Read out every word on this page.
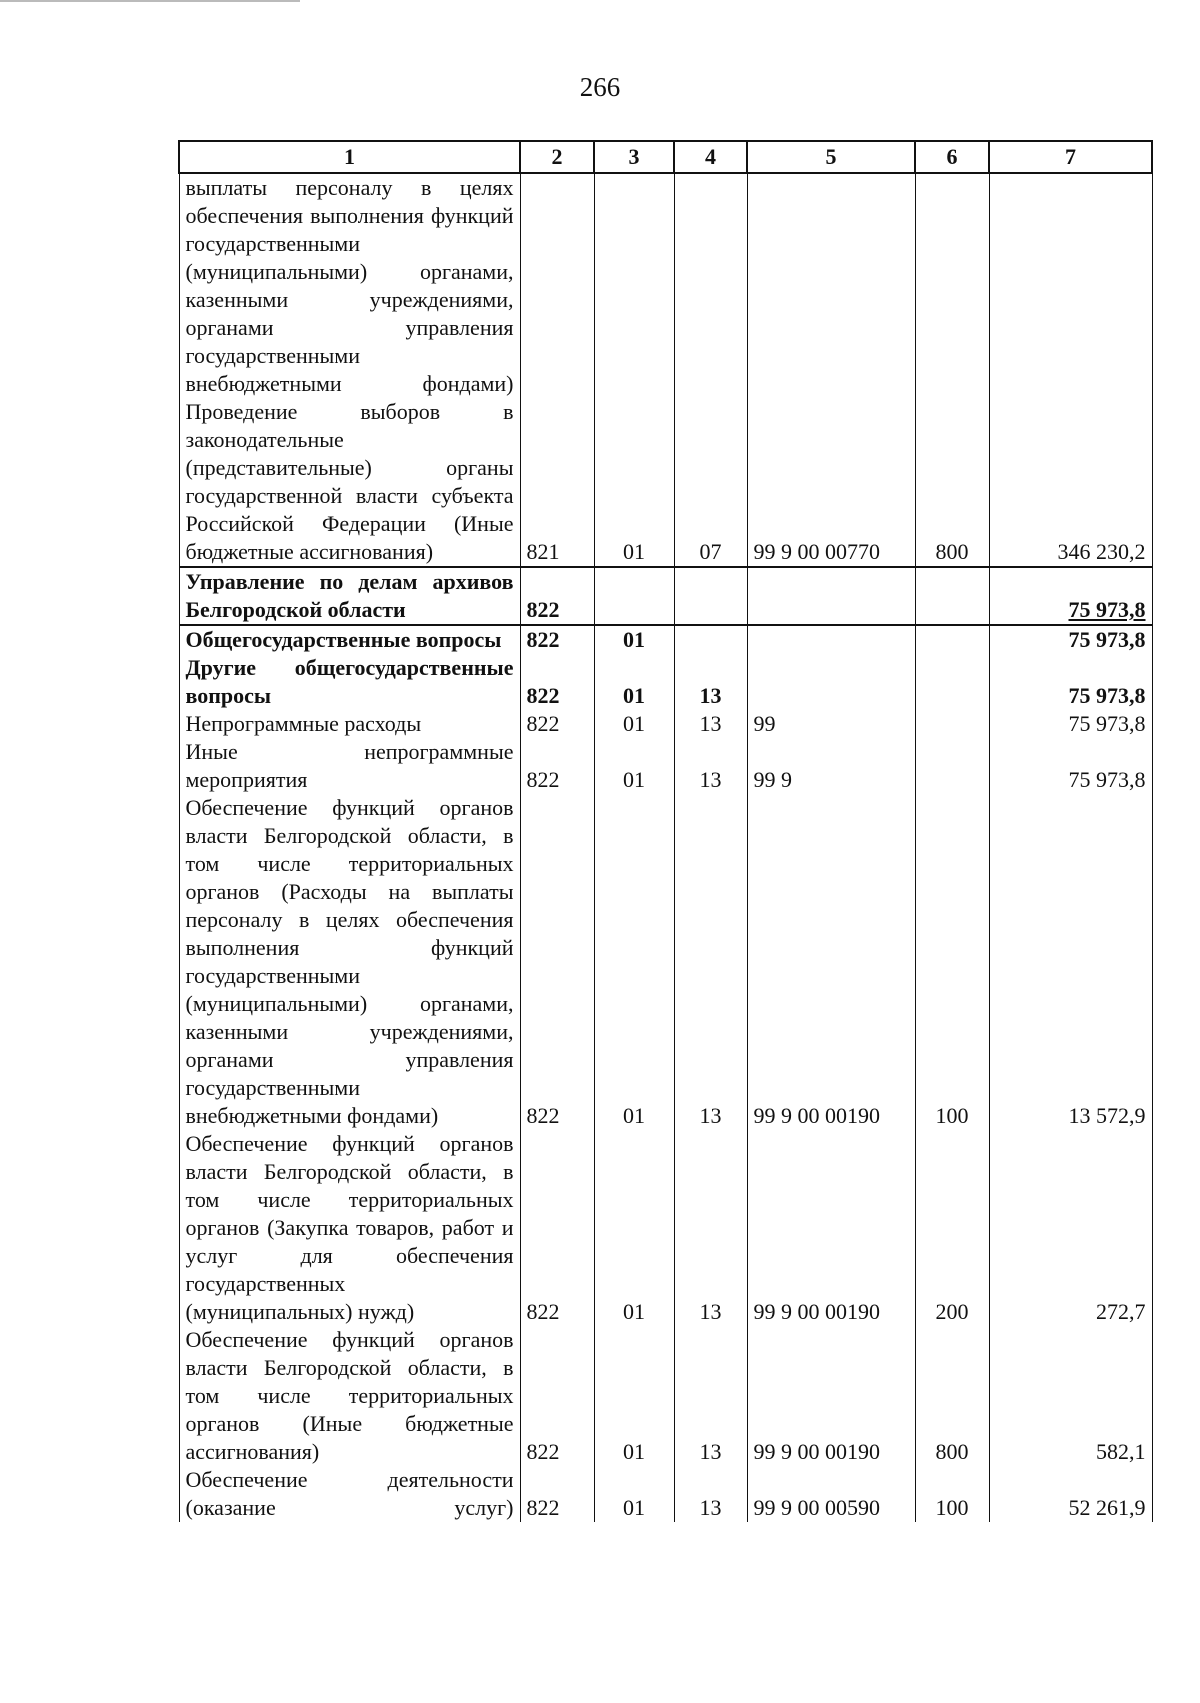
266
1	2	3	4	5	6	7
выплаты персоналу в целях обеспечения выполнения функций государственными (муниципальными) органами, казенными учреждениями, органами управления государственными внебюджетными фондами) Проведение выборов в законодательные (представительные) органы государственной власти субъекта Российской Федерации (Иные бюджетные ассигнования)	821	01	07	99 9 00 00770	800	346 230,2
Управление по делам архивов Белгородской области	822					75 973,8
Общегосударственные вопросы	822	01				75 973,8
Другие общегосударственные вопросы	822	01	13			75 973,8
Непрограммные расходы	822	01	13	99		75 973,8
Иные непрограммные мероприятия	822	01	13	99 9		75 973,8
Обеспечение функций органов власти Белгородской области, в том числе территориальных органов (Расходы на выплаты персоналу в целях обеспечения выполнения функций государственными (муниципальными) органами, казенными учреждениями, органами управления государственными внебюджетными фондами)	822	01	13	99 9 00 00190	100	13 572,9
Обеспечение функций органов власти Белгородской области, в том числе территориальных органов (Закупка товаров, работ и услуг для обеспечения государственных (муниципальных) нужд)	822	01	13	99 9 00 00190	200	272,7
Обеспечение функций органов власти Белгородской области, в том числе территориальных органов (Иные бюджетные ассигнования)	822	01	13	99 9 00 00190	800	582,1
Обеспечение деятельности (оказание услуг)	822	01	13	99 9 00 00590	100	52 261,9
